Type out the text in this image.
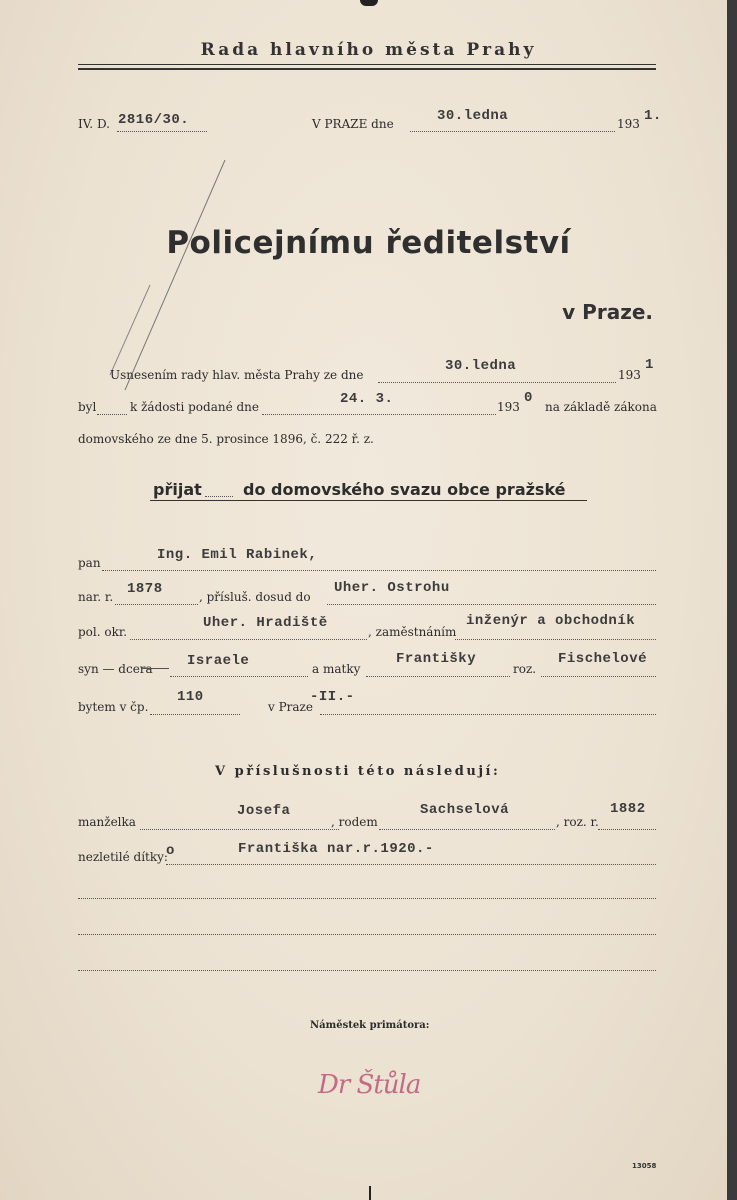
Rada hlavního města Prahy
IV. D. 2816/30.	V PRAZE dne	30.ledna	193 1.
Policejnímu ředitelství
v Praze.
Usnesením rady hlav. města Prahy ze dne
30.ledna
193
1
byl	k žádosti podané dne	24. 3.	193
0
na základě zákona
domovského ze dne 5. prosince 1896, č. 222 ř. z.
přijat	do domovského svazu obce pražské
pan	Ing. Emil Rabinek,
nar. r. 1878	, přísluš. dosud do
Uher. Ostrohu
pol. okr.
Uher. Hradiště
, zaměstnáním
inženýr a obchodník
syn — dcera Israele	a matky
Františky
roz.
Fischelové
bytem v čp.
110
v Praze
-II.-
V příslušnosti této následují:
manželka
Josefa
, rodem
Sachselová
, roz. r.
1882
nezletilé dítky:
o	Františka nar.r.1920.-
Náměstek primátora:
Dr Štůla
13058
